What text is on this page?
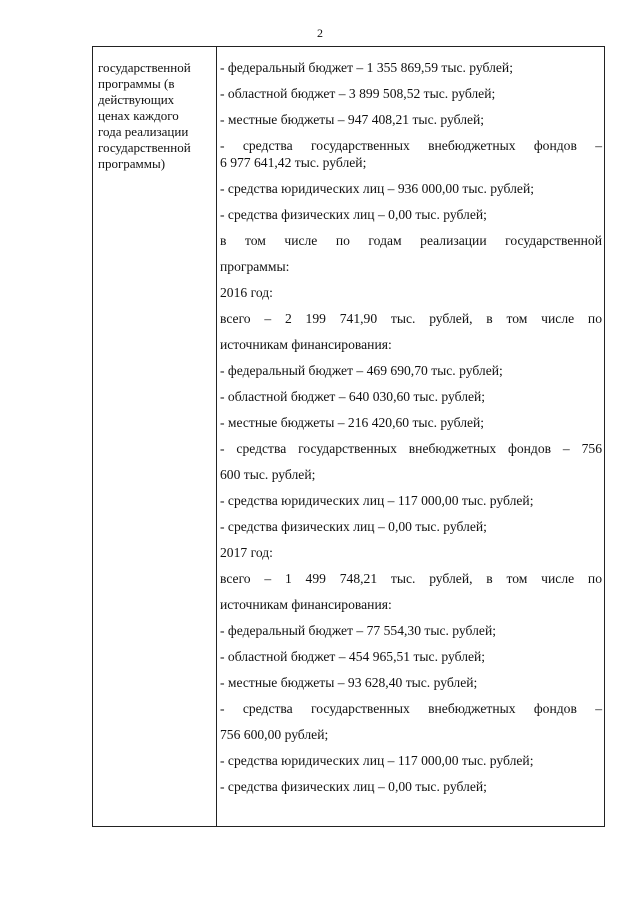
2
государственной
программы (в
действующих
ценах каждого
года реализации
государственной
программы)
- федеральный бюджет – 1 355 869,59 тыс. рублей;
- областной бюджет – 3 899 508,52 тыс. рублей;
- местные бюджеты – 947 408,21 тыс. рублей;
- средства государственных внебюджетных фондов –
6 977 641,42 тыс. рублей;
- средства юридических лиц – 936 000,00 тыс. рублей;
- средства физических лиц – 0,00 тыс. рублей;
в том числе по годам реализации государственной
программы:
2016 год:
всего – 2 199 741,90 тыс. рублей, в том числе по
источникам финансирования:
- федеральный бюджет – 469 690,70 тыс. рублей;
- областной бюджет – 640 030,60 тыс. рублей;
- местные бюджеты – 216 420,60 тыс. рублей;
- средства государственных внебюджетных фондов – 756
600 тыс. рублей;
- средства юридических лиц – 117 000,00 тыс. рублей;
- средства физических лиц – 0,00 тыс. рублей;
2017 год:
всего – 1 499 748,21 тыс. рублей, в том числе по
источникам финансирования:
- федеральный бюджет – 77 554,30 тыс. рублей;
- областной бюджет – 454 965,51 тыс. рублей;
- местные бюджеты – 93 628,40 тыс. рублей;
- средства государственных внебюджетных фондов –
756 600,00 рублей;
- средства юридических лиц – 117 000,00 тыс. рублей;
- средства физических лиц – 0,00 тыс. рублей;
